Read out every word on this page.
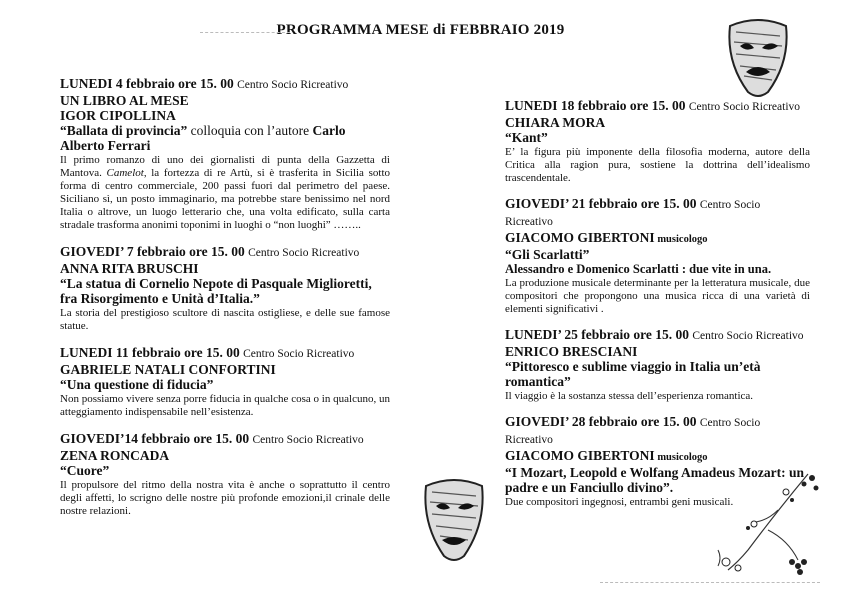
PROGRAMMA MESE di FEBBRAIO 2019
LUNEDI 4 febbraio ore 15. 00 Centro Socio Ricreativo
UN LIBRO AL MESE
IGOR CIPOLLINA
“Ballata di provincia” colloquia con l’autore Carlo Alberto Ferrari
Il primo romanzo di uno dei giornalisti di punta della Gazzetta di Mantova. Camelot, la fortezza di re Artù, si è trasferita in Sicilia sotto forma di centro commerciale, 200 passi fuori dal perimetro del paese. Siciliano sì, un posto immaginario, ma potrebbe stare benissimo nel nord Italia o altrove, un luogo letterario che, una volta edificato, sulla carta stradale trasforma anonimi toponimi in luoghi o “non luoghi” ……..
GIOVEDI’ 7 febbraio ore 15. 00 Centro Socio Ricreativo
ANNA RITA BRUSCHI
“La statua di Cornelio Nepote di Pasquale Miglioretti, fra Risorgimento e Unità d’Italia.”
La storia del prestigioso scultore di nascita ostigliese, e delle sue famose statue.
LUNEDI 11 febbraio ore 15. 00 Centro Socio Ricreativo
GABRIELE NATALI CONFORTINI
“Una questione di fiducia”
Non possiamo vivere senza porre fiducia in qualche cosa o in qualcuno, un atteggiamento indispensabile nell’esistenza.
GIOVEDI’14 febbraio ore 15. 00 Centro Socio Ricreativo
ZENA RONCADA
“Cuore”
Il propulsore del ritmo della nostra vita è anche o soprattutto il centro degli affetti, lo scrigno delle nostre più profonde emozioni,il crinale delle nostre relazioni.
LUNEDI 18 febbraio ore 15. 00 Centro Socio Ricreativo
CHIARA MORA
“Kant”
E’ la figura più imponente della filosofia moderna, autore della Critica alla ragion pura, sostiene la dottrina dell’idealismo trascendentale.
GIOVEDI’ 21 febbraio ore 15. 00 Centro Socio Ricreativo
GIACOMO GIBERTONI musicologo
“Gli Scarlatti”
Alessandro e Domenico Scarlatti : due vite in una.
La produzione musicale determinante per la letteratura musicale, due compositori che propongono una musica ricca di una varietà di elementi significativi .
LUNEDI’ 25 febbraio ore 15. 00 Centro Socio Ricreativo
ENRICO BRESCIANI
“Pittoresco e sublime viaggio in Italia un’età romantica”
Il viaggio è la sostanza stessa dell’esperienza romantica.
GIOVEDI’ 28 febbraio ore 15. 00 Centro Socio Ricreativo
GIACOMO GIBERTONI musicologo
“I Mozart, Leopold e Wolfang Amadeus Mozart: un padre e un Fanciullo divino”.
Due compositori ingegnosi, entrambi geni musicali.
